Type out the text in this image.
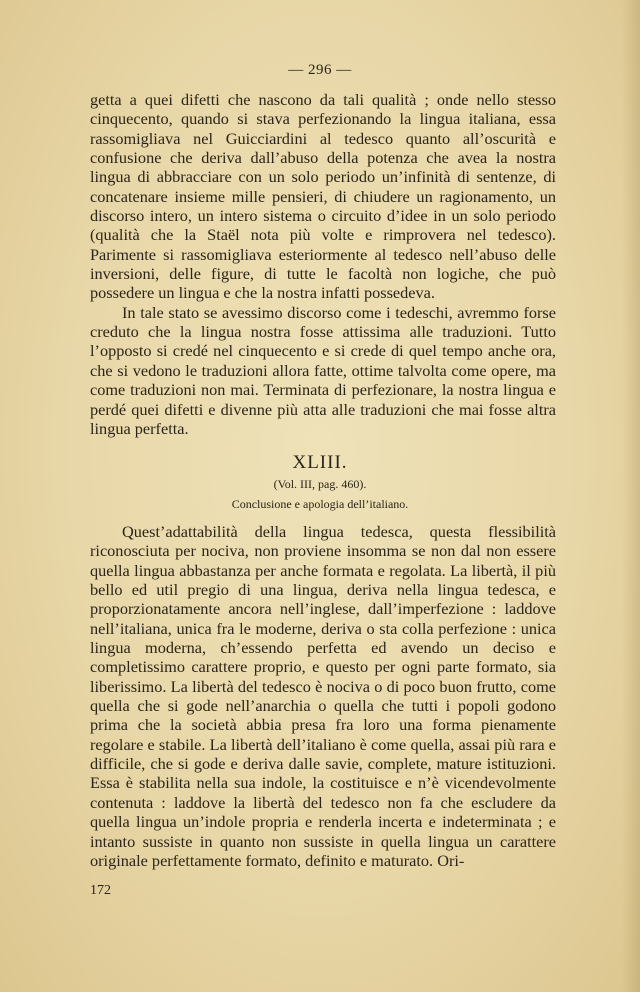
— 296 —

getta a quei difetti che nascono da tali qualità ; onde nello stesso cinquecento, quando si stava perfezionando la lingua italiana, essa rassomigliava nel Guicciardini al tedesco quanto all’oscurità e confusione che deriva dall’abuso della potenza che avea la nostra lingua di abbracciare con un solo periodo un’infinità di sentenze, di concatenare insieme mille pensieri, di chiudere un ragionamento, un discorso intero, un intero sistema o circuito d’idee in un solo periodo (qualità che la Staël nota più volte e rimprovera nel tedesco). Parimente si rassomigliava esteriormente al tedesco nell’abuso delle inversioni, delle figure, di tutte le facoltà non logiche, che può possedere un lingua e che la nostra infatti possedeva.

In tale stato se avessimo discorso come i tedeschi, avremmo forse creduto che la lingua nostra fosse attissima alle traduzioni. Tutto l’opposto si credé nel cinquecento e si crede di quel tempo anche ora, che si vedono le traduzioni allora fatte, ottime talvolta come opere, ma come traduzioni non mai. Terminata di perfezionare, la nostra lingua e perdé quei difetti e divenne più atta alle traduzioni che mai fosse altra lingua perfetta.

XLIII.
(Vol. III, pag. 460).
Conclusione e apologia dell’italiano.

Quest’adattabilità della lingua tedesca, questa flessibilità riconosciuta per nociva, non proviene insomma se non dal non essere quella lingua abbastanza per anche formata e regolata. La libertà, il più bello ed util pregio di una lingua, deriva nella lingua tedesca, e proporzionatamente ancora nell’inglese, dall’imperfezione : laddove nell’italiana, unica fra le moderne, deriva o sta colla perfezione : unica lingua moderna, ch’essendo perfetta ed avendo un deciso e completissimo carattere proprio, e questo per ogni parte formato, sia liberissimo. La libertà del tedesco è nociva o di poco buon frutto, come quella che si gode nell’anarchia o quella che tutti i popoli godono prima che la società abbia presa fra loro una forma pienamente regolare e stabile. La libertà dell’italiano è come quella, assai più rara e difficile, che si gode e deriva dalle savie, complete, mature istituzioni. Essa è stabilita nella sua indole, la costituisce e n’è vicendevolmente contenuta : laddove la libertà del tedesco non fa che escludere da quella lingua un’indole propria e renderla incerta e indeterminata ; e intanto sussiste in quanto non sussiste in quella lingua un carattere originale perfettamente formato, definito e maturato. Ori-

172
